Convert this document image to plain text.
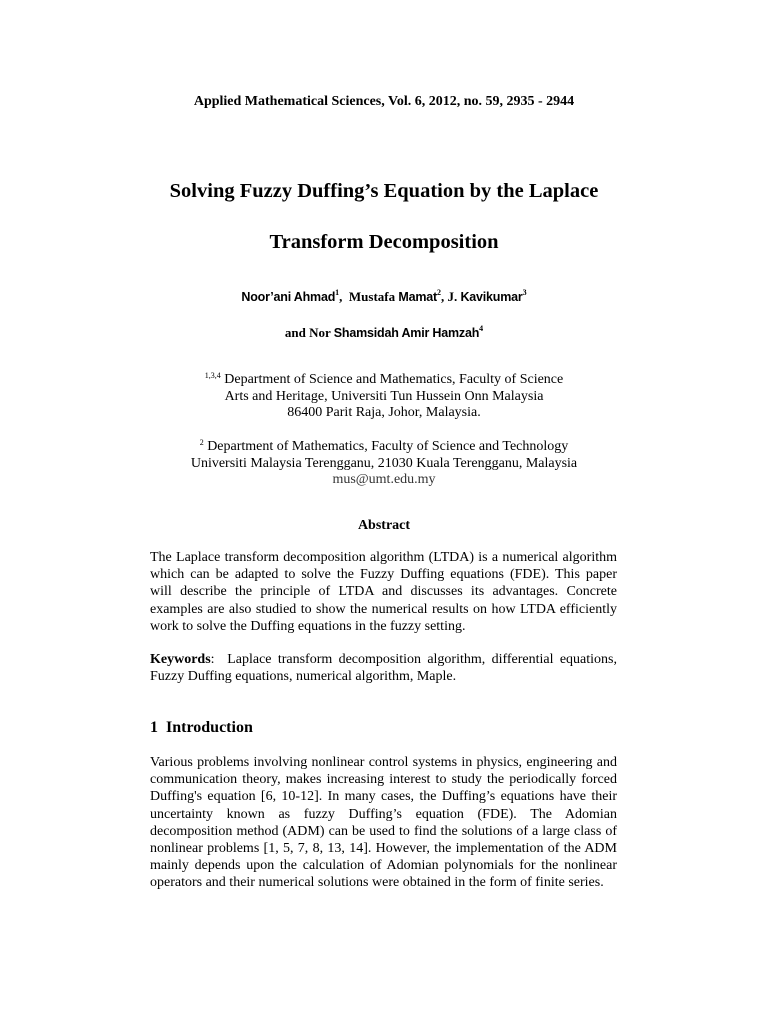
Applied Mathematical Sciences, Vol. 6, 2012, no. 59, 2935 - 2944
Solving Fuzzy Duffing’s Equation by the Laplace
Transform Decomposition
Noor’ani Ahmad$^1$,  Mustafa Mamat$^2$, J. Kavikumar$^3$
and Nor Shamsidah Amir Hamzah$^4$
$^{1,3,4}$ Department of Science and Mathematics, Faculty of Science
Arts and Heritage, Universiti Tun Hussein Onn Malaysia
86400 Parit Raja, Johor, Malaysia.
$^2$ Department of Mathematics, Faculty of Science and Technology
Universiti Malaysia Terengganu, 21030 Kuala Terengganu, Malaysia
mus@umt.edu.my
Abstract
The Laplace transform decomposition algorithm (LTDA) is a numerical algorithm
which can be adapted to solve the Fuzzy Duffing equations (FDE). This paper
will describe the principle of LTDA and discusses its advantages. Concrete
examples are also studied to show the numerical results on how LTDA efficiently
work to solve the Duffing equations in the fuzzy setting.
Keywords:  Laplace transform decomposition algorithm, differential equations,
Fuzzy Duffing equations, numerical algorithm, Maple.
1 Introduction
Various problems involving nonlinear control systems in physics, engineering and
communication theory, makes increasing interest to study the periodically forced
Duffing's equation [6, 10-12]. In many cases, the Duffing’s equations have their
uncertainty known as fuzzy Duffing’s equation (FDE). The Adomian
decomposition method (ADM) can be used to find the solutions of a large class of
nonlinear problems [1, 5, 7, 8, 13, 14]. However, the implementation of the ADM
mainly depends upon the calculation of Adomian polynomials for the nonlinear
operators and their numerical solutions were obtained in the form of finite series.
